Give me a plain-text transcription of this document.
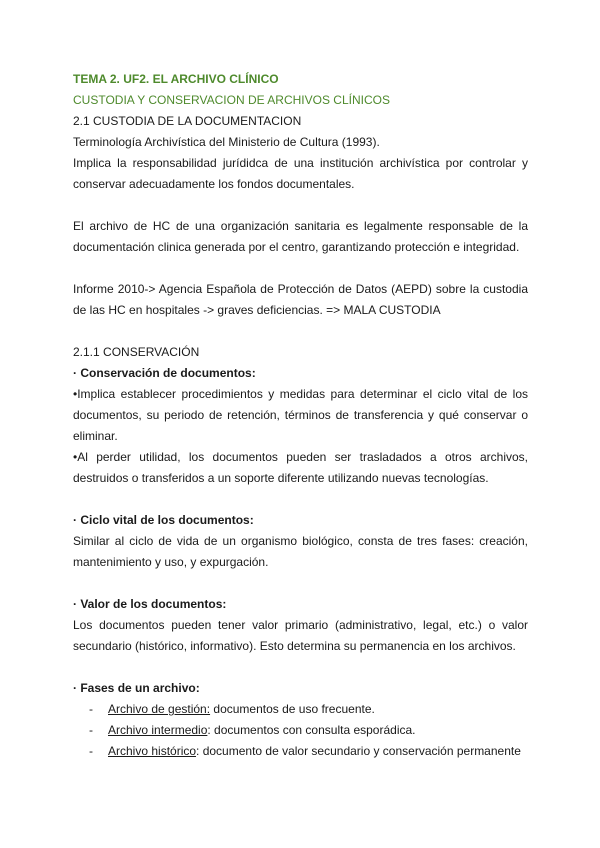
TEMA 2. UF2. EL ARCHIVO CLÍNICO

CUSTODIA Y CONSERVACION DE ARCHIVOS CLÍNICOS

2.1 CUSTODIA DE LA DOCUMENTACION

Terminología Archivística del Ministerio de Cultura (1993).

Implica la responsabilidad jurídidca de una institución archivística por controlar y conservar adecuadamente los fondos documentales.

El archivo de HC de una organización sanitaria es legalmente responsable de la documentación clinica generada por el centro, garantizando protección e integridad.

Informe 2010-> Agencia Española de Protección de Datos (AEPD) sobre la custodia de las HC en hospitales -> graves deficiencias. => MALA CUSTODIA

2.1.1 CONSERVACIÓN

· Conservación de documentos:

•Implica establecer procedimientos y medidas para determinar el ciclo vital de los documentos, su periodo de retención, términos de transferencia y qué conservar o eliminar.

•Al perder utilidad, los documentos pueden ser trasladados a otros archivos, destruidos o transferidos a un soporte diferente utilizando nuevas tecnologías.

· Ciclo vital de los documentos:

Similar al ciclo de vida de un organismo biológico, consta de tres fases: creación, mantenimiento y uso, y expurgación.

· Valor de los documentos:

Los documentos pueden tener valor primario (administrativo, legal, etc.) o valor secundario (histórico, informativo). Esto determina su permanencia en los archivos.

· Fases de un archivo:

- Archivo de gestión: documentos de uso frecuente.
- Archivo intermedio: documentos con consulta esporádica.
- Archivo histórico: documento de valor secundario y conservación permanente
